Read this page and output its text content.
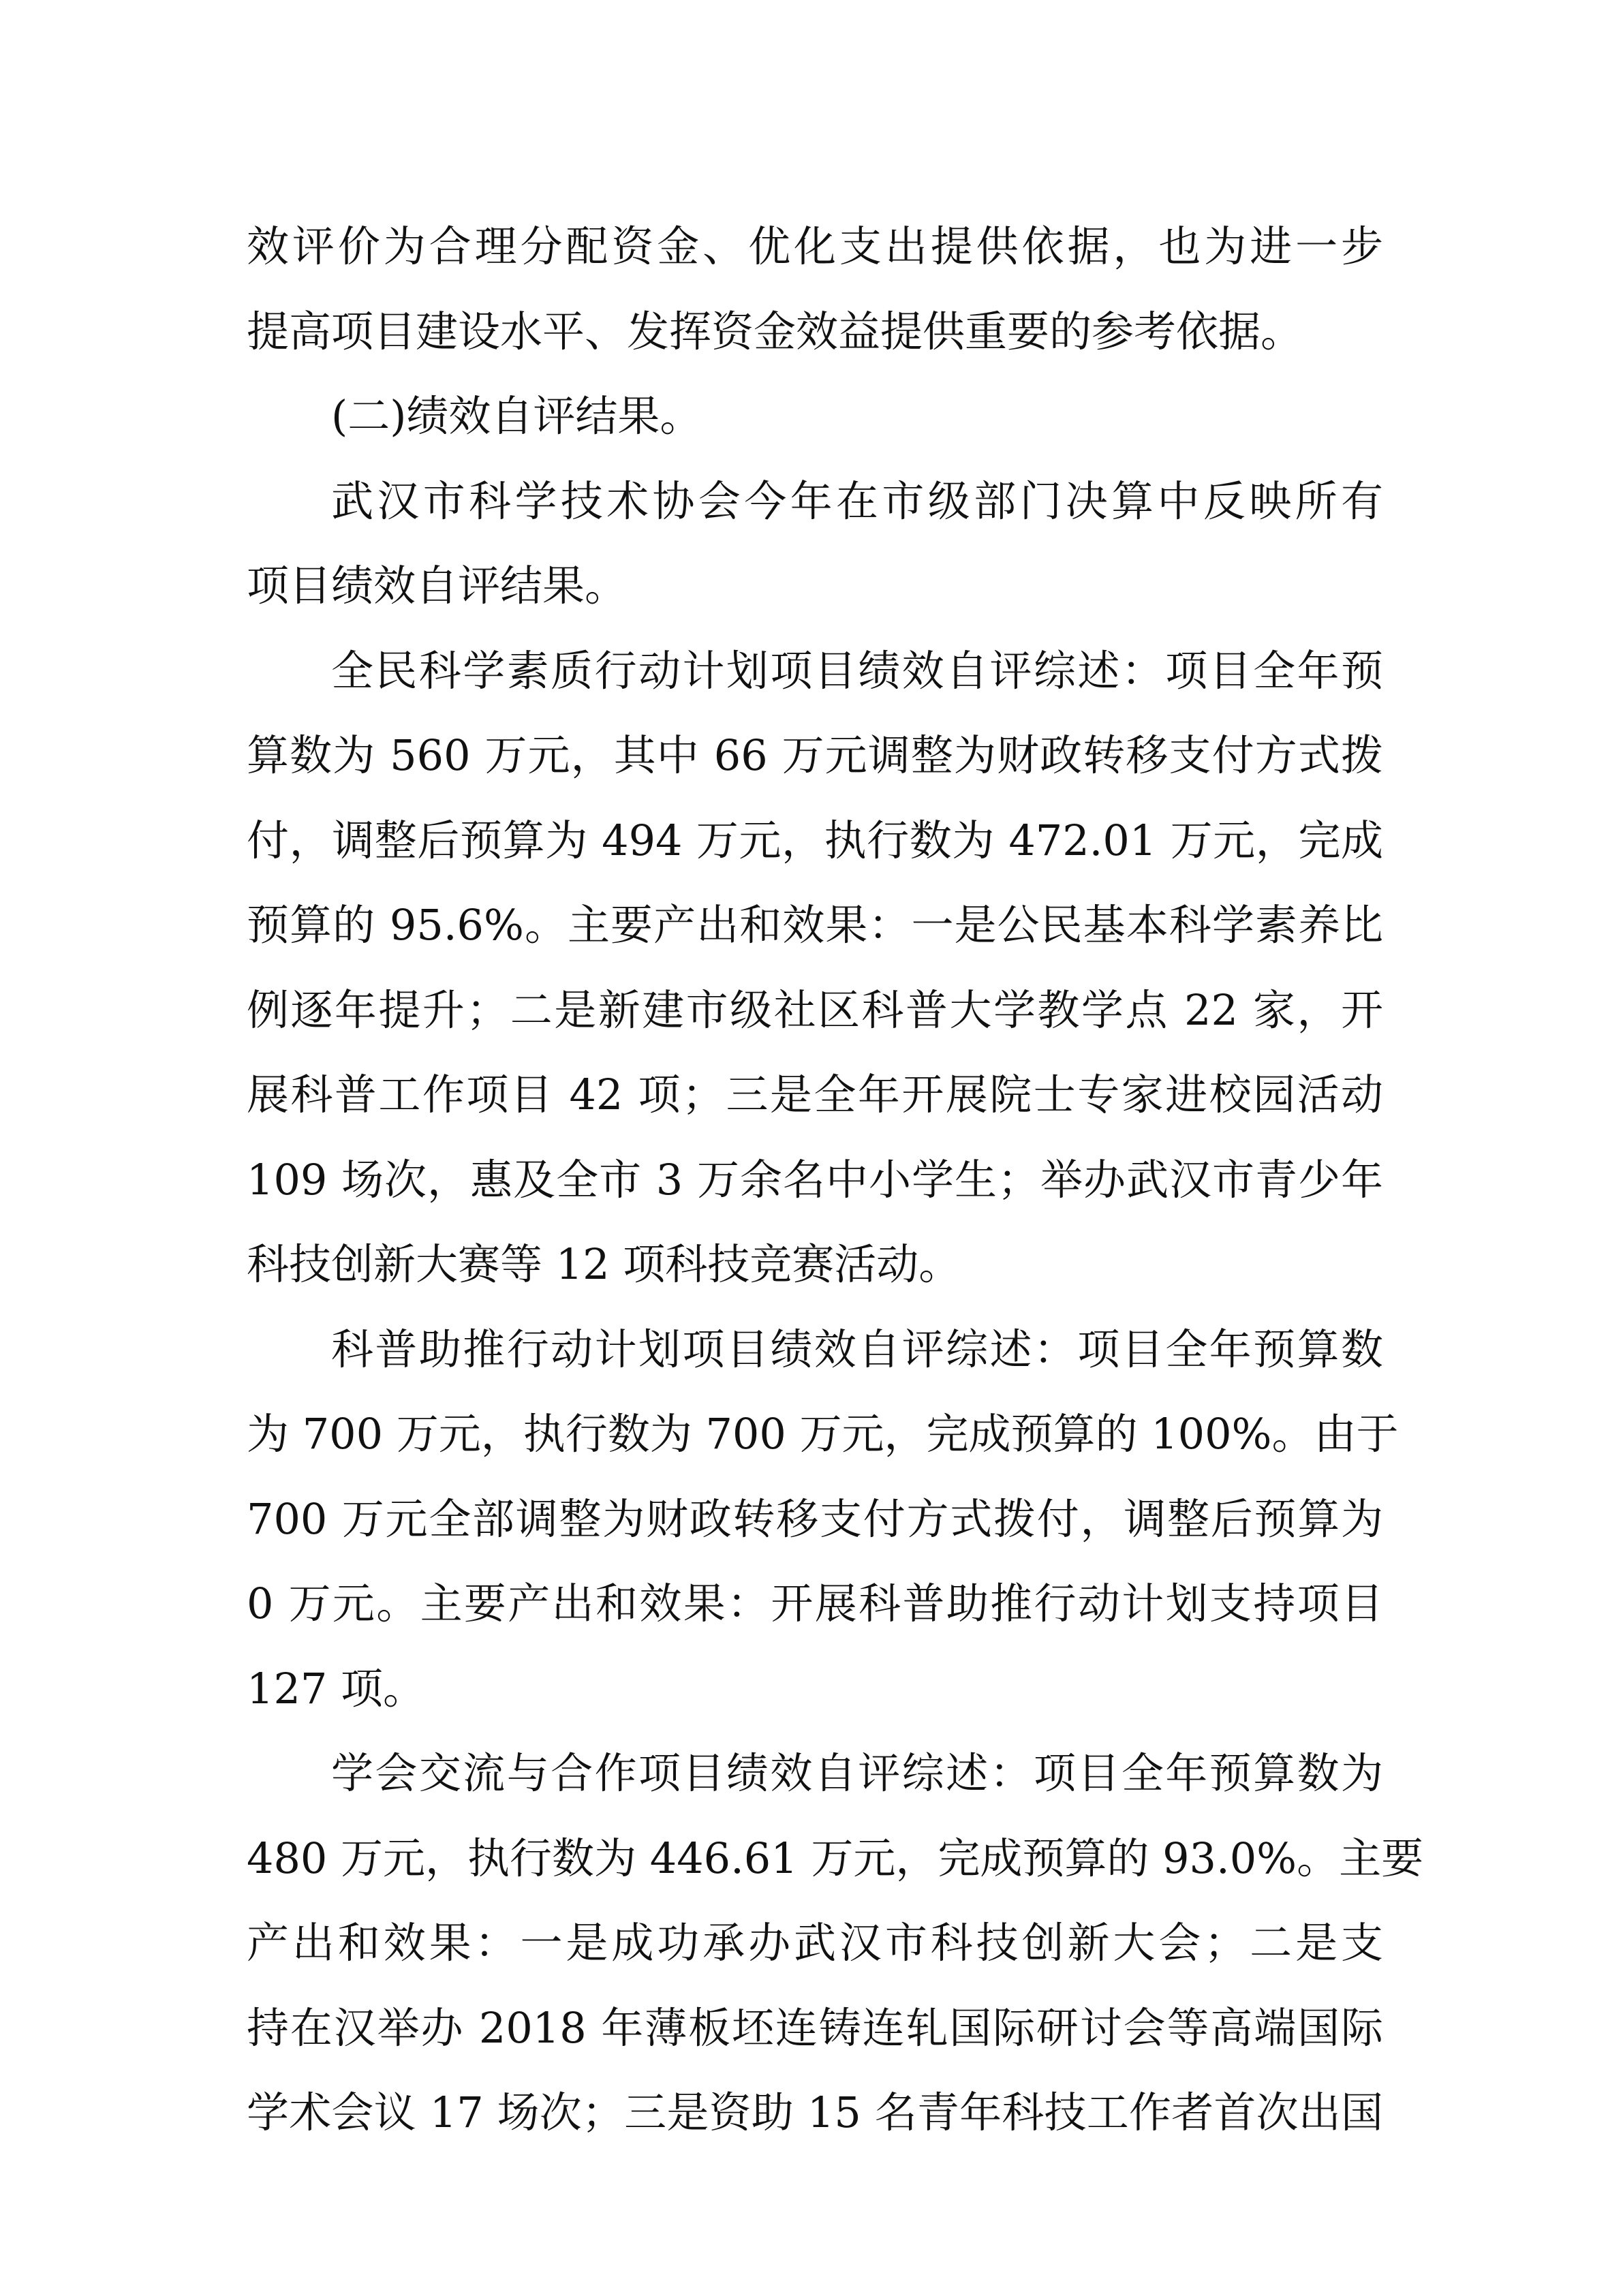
效评价为合理分配资金、优化支出提供依据，也为进一步
提高项目建设水平、发挥资金效益提供重要的参考依据。
(二)绩效自评结果。
武汉市科学技术协会今年在市级部门决算中反映所有
项目绩效自评结果。
全民科学素质行动计划项目绩效自评综述：项目全年预
算数为 560 万元，其中 66 万元调整为财政转移支付方式拨
付，调整后预算为 494 万元，执行数为 472.01 万元，完成
预算的 95.6%。主要产出和效果：一是公民基本科学素养比
例逐年提升；二是新建市级社区科普大学教学点 22 家，开
展科普工作项目 42 项；三是全年开展院士专家进校园活动
109 场次，惠及全市 3 万余名中小学生；举办武汉市青少年
科技创新大赛等 12 项科技竞赛活动。
科普助推行动计划项目绩效自评综述：项目全年预算数
为 700 万元，执行数为 700 万元，完成预算的 100%。由于
700 万元全部调整为财政转移支付方式拨付，调整后预算为
0 万元。主要产出和效果：开展科普助推行动计划支持项目
127 项。
学会交流与合作项目绩效自评综述：项目全年预算数为
480 万元，执行数为 446.61 万元，完成预算的 93.0%。主要
产出和效果：一是成功承办武汉市科技创新大会；二是支
持在汉举办 2018 年薄板坯连铸连轧国际研讨会等高端国际
学术会议 17 场次；三是资助 15 名青年科技工作者首次出国
